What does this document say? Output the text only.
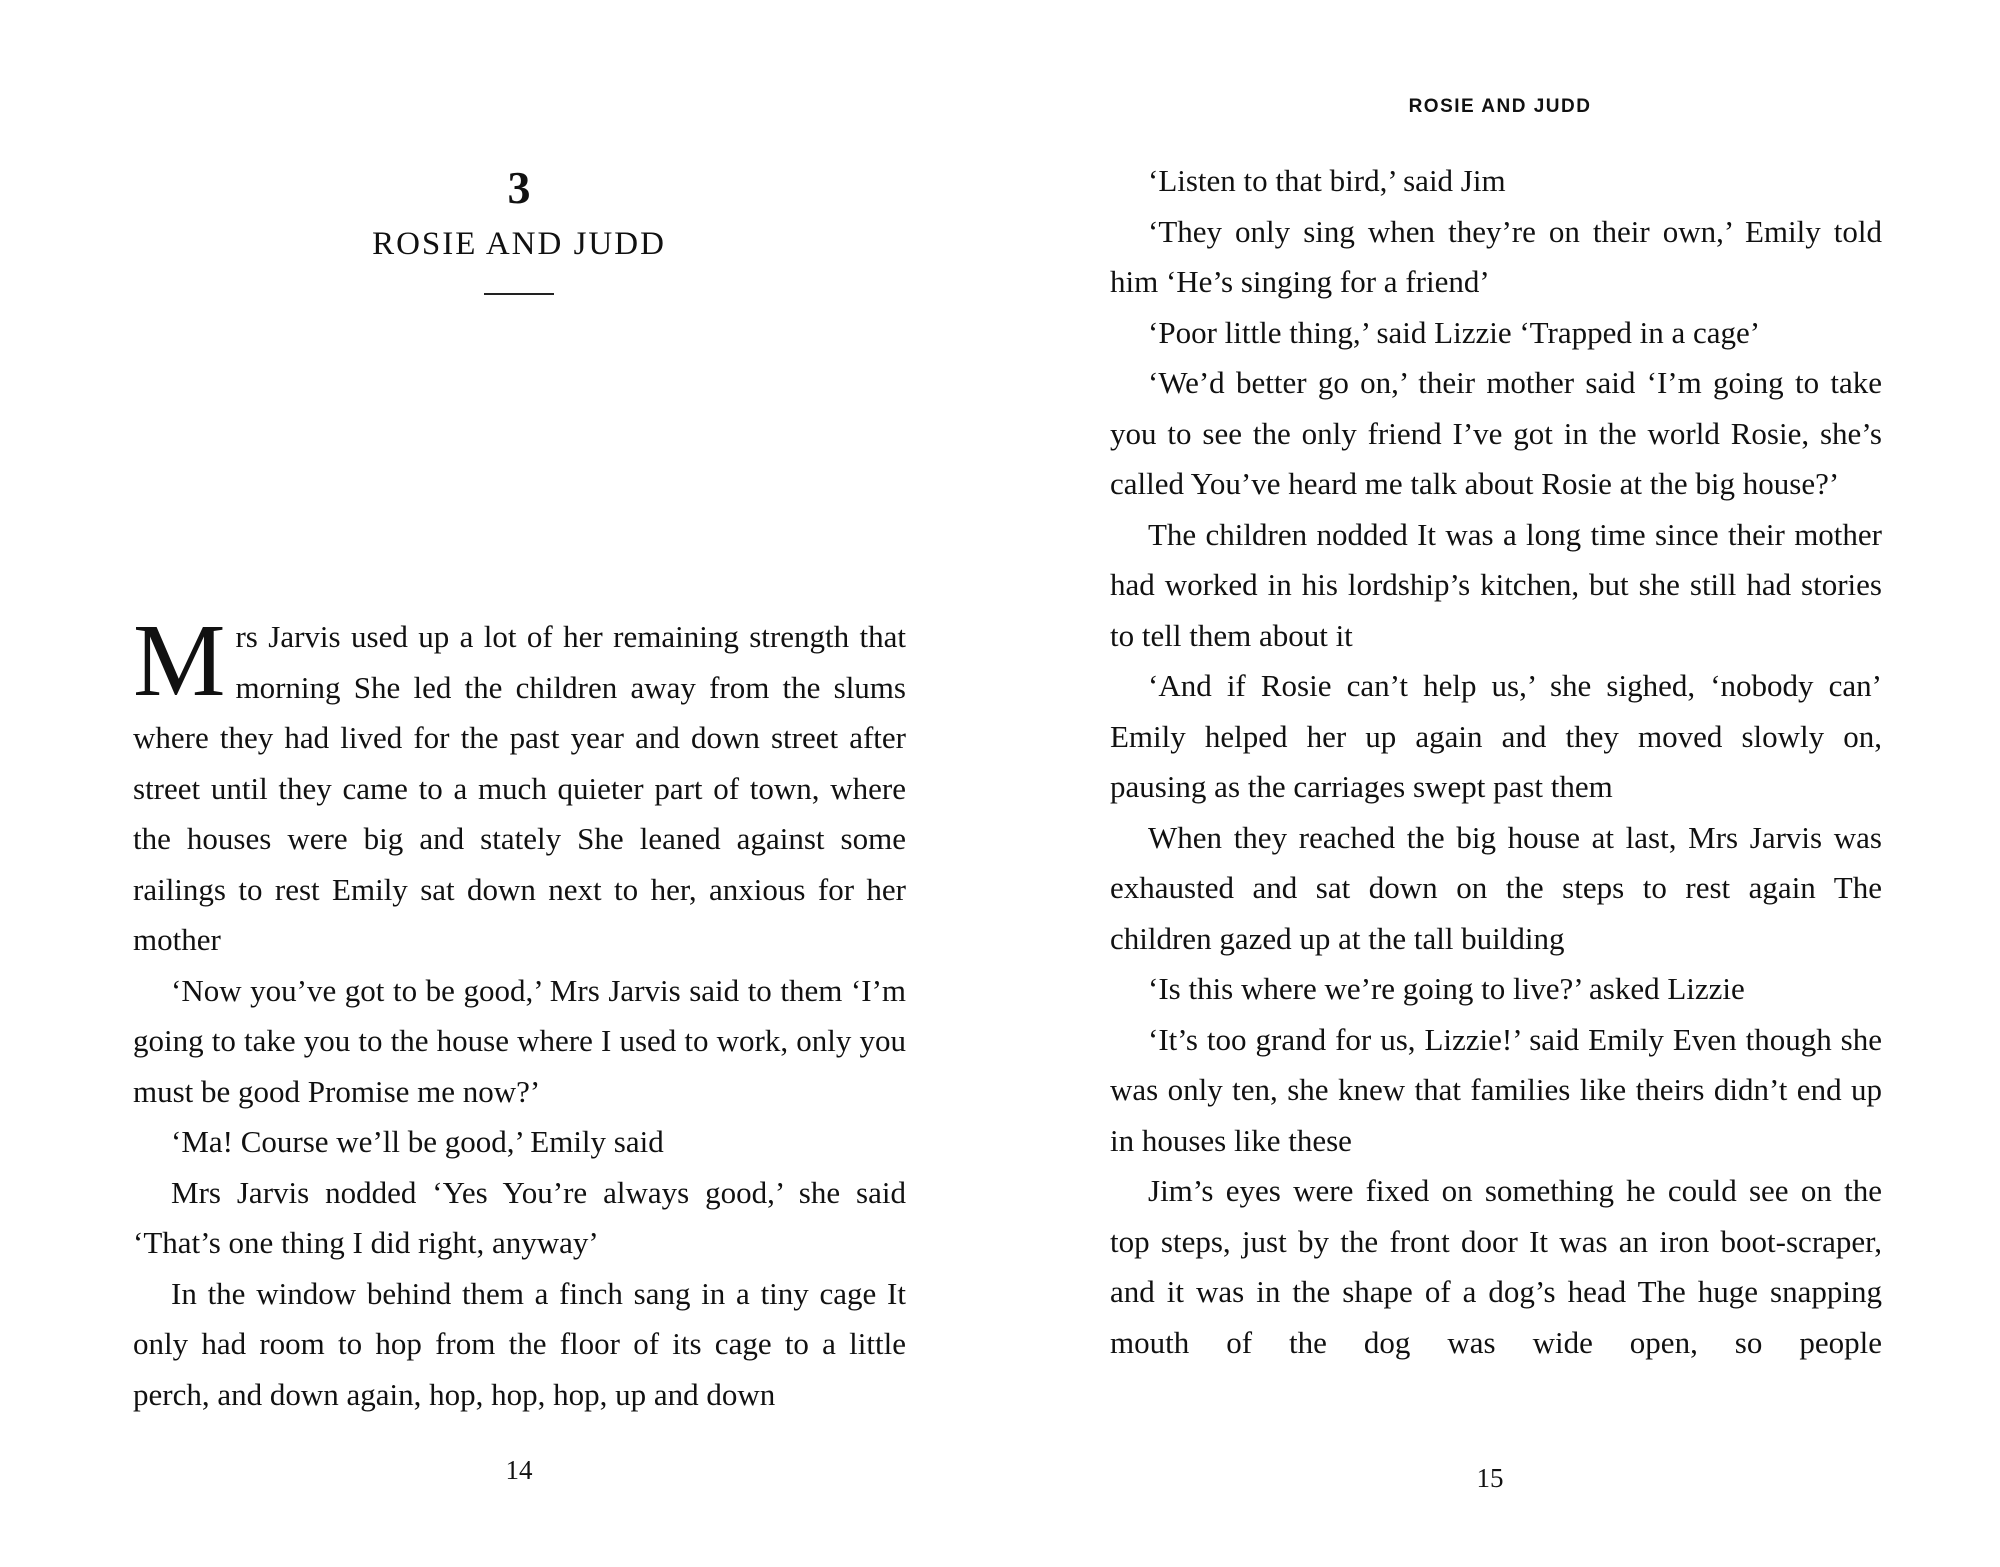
3
ROSIE AND JUDD

Mrs Jarvis used up a lot of her remaining strength that morning She led the children away from the slums where they had lived for the past year and down street after street until they came to a much quieter part of town, where the houses were big and stately She leaned against some railings to rest Emily sat down next to her, anxious for her mother

‘Now you’ve got to be good,’ Mrs Jarvis said to them ‘I’m going to take you to the house where I used to work, only you must be good Promise me now?’

‘Ma! Course we’ll be good,’ Emily said

Mrs Jarvis nodded ‘Yes You’re always good,’ she said ‘That’s one thing I did right, anyway’

In the window behind them a finch sang in a tiny cage It only had room to hop from the floor of its cage to a little perch, and down again, hop, hop, hop, up and down

14
ROSIE AND JUDD

‘Listen to that bird,’ said Jim

‘They only sing when they’re on their own,’ Emily told him ‘He’s singing for a friend’

‘Poor little thing,’ said Lizzie ‘Trapped in a cage’

‘We’d better go on,’ their mother said ‘I’m going to take you to see the only friend I’ve got in the world Rosie, she’s called You’ve heard me talk about Rosie at the big house?’

The children nodded It was a long time since their mother had worked in his lordship’s kitchen, but she still had stories to tell them about it

‘And if Rosie can’t help us,’ she sighed, ‘nobody can’ Emily helped her up again and they moved slowly on, pausing as the carriages swept past them

When they reached the big house at last, Mrs Jarvis was exhausted and sat down on the steps to rest again The children gazed up at the tall building

‘Is this where we’re going to live?’ asked Lizzie

‘It’s too grand for us, Lizzie!’ said Emily Even though she was only ten, she knew that families like theirs didn’t end up in houses like these

Jim’s eyes were fixed on something he could see on the top steps, just by the front door It was an iron boot-scraper, and it was in the shape of a dog’s head The huge snapping mouth of the dog was wide open, so people

15
